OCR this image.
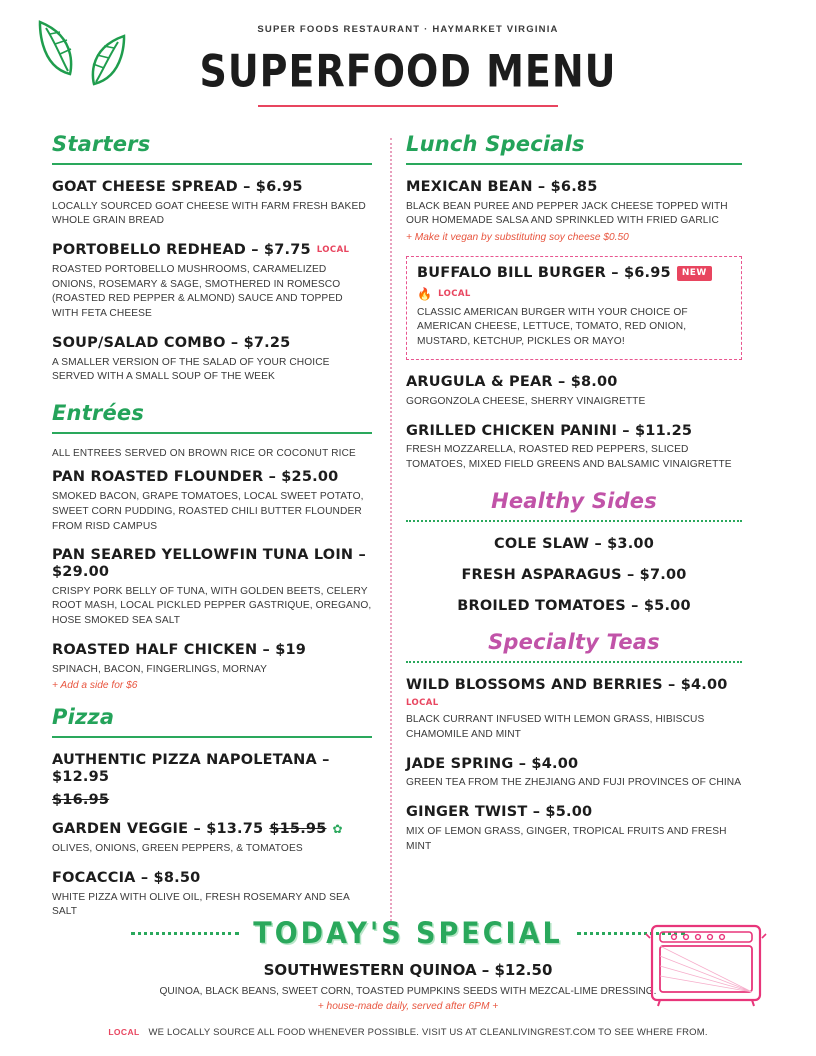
SUPER FOODS RESTAURANT · HAYMARKET VIRGINIA
SUPERFOOD MENU
Starters
GOAT CHEESE SPREAD – $6.95
LOCALLY SOURCED GOAT CHEESE WITH FARM FRESH BAKED WHOLE GRAIN BREAD
PORTOBELLO REDHEAD – $7.75 LOCAL
ROASTED PORTOBELLO MUSHROOMS, CARAMELIZED ONIONS, ROSEMARY & SAGE, SMOTHERED IN ROMESCO (ROASTED RED PEPPER & ALMOND) SAUCE AND TOPPED WITH FETA CHEESE
SOUP/SALAD COMBO – $7.25
A SMALLER VERSION OF THE SALAD OF YOUR CHOICE SERVED WITH A SMALL SOUP OF THE WEEK
Entrées
ALL ENTREES SERVED ON BROWN RICE OR COCONUT RICE
PAN ROASTED FLOUNDER – $25.00
SMOKED BACON, GRAPE TOMATOES, LOCAL SWEET POTATO, SWEET CORN PUDDING, ROASTED CHILI BUTTER FLOUNDER FROM RISD CAMPUS
PAN SEARED YELLOWFIN TUNA LOIN – $29.00
CRISPY PORK BELLY OF TUNA, WITH GOLDEN BEETS, CELERY ROOT MASH, LOCAL PICKLED PEPPER GASTRIQUE, OREGANO, HOSE SMOKED SEA SALT
ROASTED HALF CHICKEN – $19
SPINACH, BACON, FINGERLINGS, MORNAY
+ Add a side for $6
Pizza
AUTHENTIC PIZZA NAPOLETANA – $12.95
$16.95
GARDEN VEGGIE – $13.75 $15.95 ✿
OLIVES, ONIONS, GREEN PEPPERS, & TOMATOES
FOCACCIA – $8.50
WHITE PIZZA WITH OLIVE OIL, FRESH ROSEMARY AND SEA SALT
Lunch Specials
MEXICAN BEAN – $6.85
BLACK BEAN PUREE AND PEPPER JACK CHEESE TOPPED WITH OUR HOMEMADE SALSA AND SPRINKLED WITH FRIED GARLIC
+ Make it vegan by substituting soy cheese $0.50
BUFFALO BILL BURGER – $6.95	NEW
🔥 LOCAL
CLASSIC AMERICAN BURGER WITH YOUR CHOICE OF AMERICAN CHEESE, LETTUCE, TOMATO, RED ONION, MUSTARD, KETCHUP, PICKLES OR MAYO!
ARUGULA & PEAR – $8.00
GORGONZOLA CHEESE, SHERRY VINAIGRETTE
GRILLED CHICKEN PANINI – $11.25
FRESH MOZZARELLA, ROASTED RED PEPPERS, SLICED TOMATOES, MIXED FIELD GREENS AND BALSAMIC VINAIGRETTE
Healthy Sides
COLE SLAW – $3.00
FRESH ASPARAGUS – $7.00
BROILED TOMATOES – $5.00
Specialty Teas
WILD BLOSSOMS AND BERRIES – $4.00
LOCAL
BLACK CURRANT INFUSED WITH LEMON GRASS, HIBISCUS CHAMOMILE AND MINT
JADE SPRING – $4.00
GREEN TEA FROM THE ZHEJIANG AND FUJI PROVINCES OF CHINA
GINGER TWIST – $5.00
MIX OF LEMON GRASS, GINGER, TROPICAL FRUITS AND FRESH MINT
TODAY'S SPECIAL
SOUTHWESTERN QUINOA – $12.50
QUINOA, BLACK BEANS, SWEET CORN, TOASTED PUMPKINS SEEDS WITH MEZCAL-LIME DRESSING.
+ house-made daily, served after 6PM +
LOCAL WE LOCALLY SOURCE ALL FOOD WHENEVER POSSIBLE. VISIT US AT CLEANLIVINGREST.COM TO SEE WHERE FROM.
